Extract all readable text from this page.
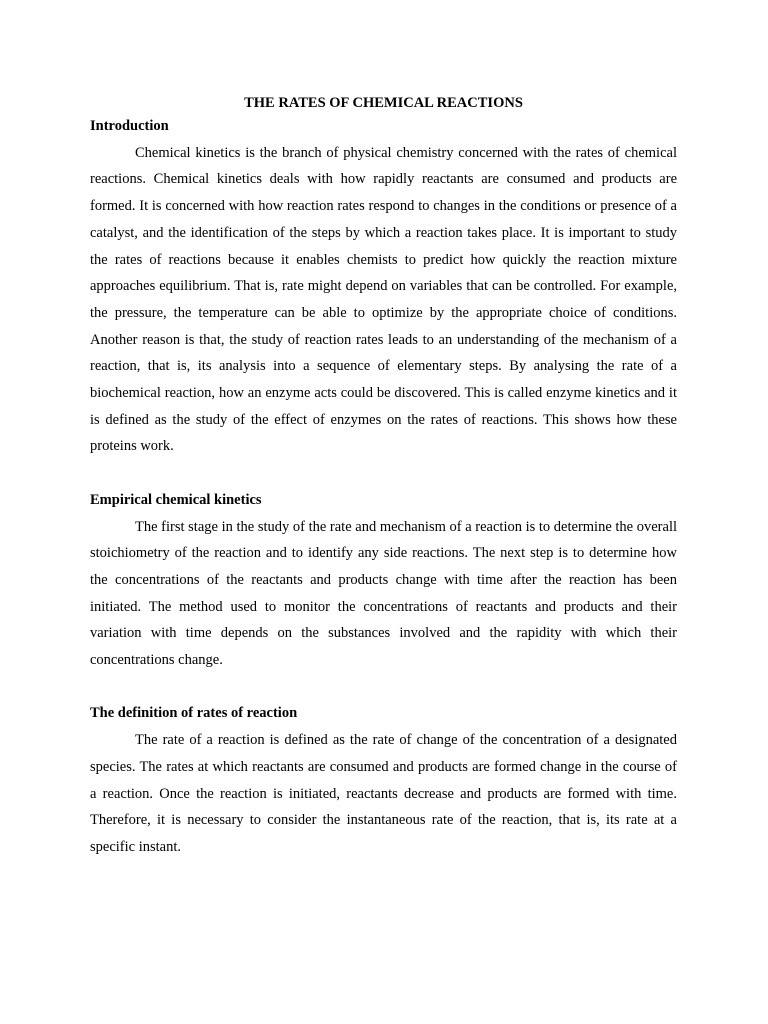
THE RATES OF CHEMICAL REACTIONS

Introduction

Chemical kinetics is the branch of physical chemistry concerned with the rates of chemical reactions. Chemical kinetics deals with how rapidly reactants are consumed and products are formed. It is concerned with how reaction rates respond to changes in the conditions or presence of a catalyst, and the identification of the steps by which a reaction takes place. It is important to study the rates of reactions because it enables chemists to predict how quickly the reaction mixture approaches equilibrium. That is, rate might depend on variables that can be controlled. For example, the pressure, the temperature can be able to optimize by the appropriate choice of conditions. Another reason is that, the study of reaction rates leads to an understanding of the mechanism of a reaction, that is, its analysis into a sequence of elementary steps. By analysing the rate of a biochemical reaction, how an enzyme acts could be discovered. This is called enzyme kinetics and it is defined as the study of the effect of enzymes on the rates of reactions. This shows how these proteins work.

Empirical chemical kinetics

The first stage in the study of the rate and mechanism of a reaction is to determine the overall stoichiometry of the reaction and to identify any side reactions. The next step is to determine how the concentrations of the reactants and products change with time after the reaction has been initiated. The method used to monitor the concentrations of reactants and products and their variation with time depends on the substances involved and the rapidity with which their concentrations change.

The definition of rates of reaction

The rate of a reaction is defined as the rate of change of the concentration of a designated species. The rates at which reactants are consumed and products are formed change in the course of a reaction. Once the reaction is initiated, reactants decrease and products are formed with time. Therefore, it is necessary to consider the instantaneous rate of the reaction, that is, its rate at a specific instant.
